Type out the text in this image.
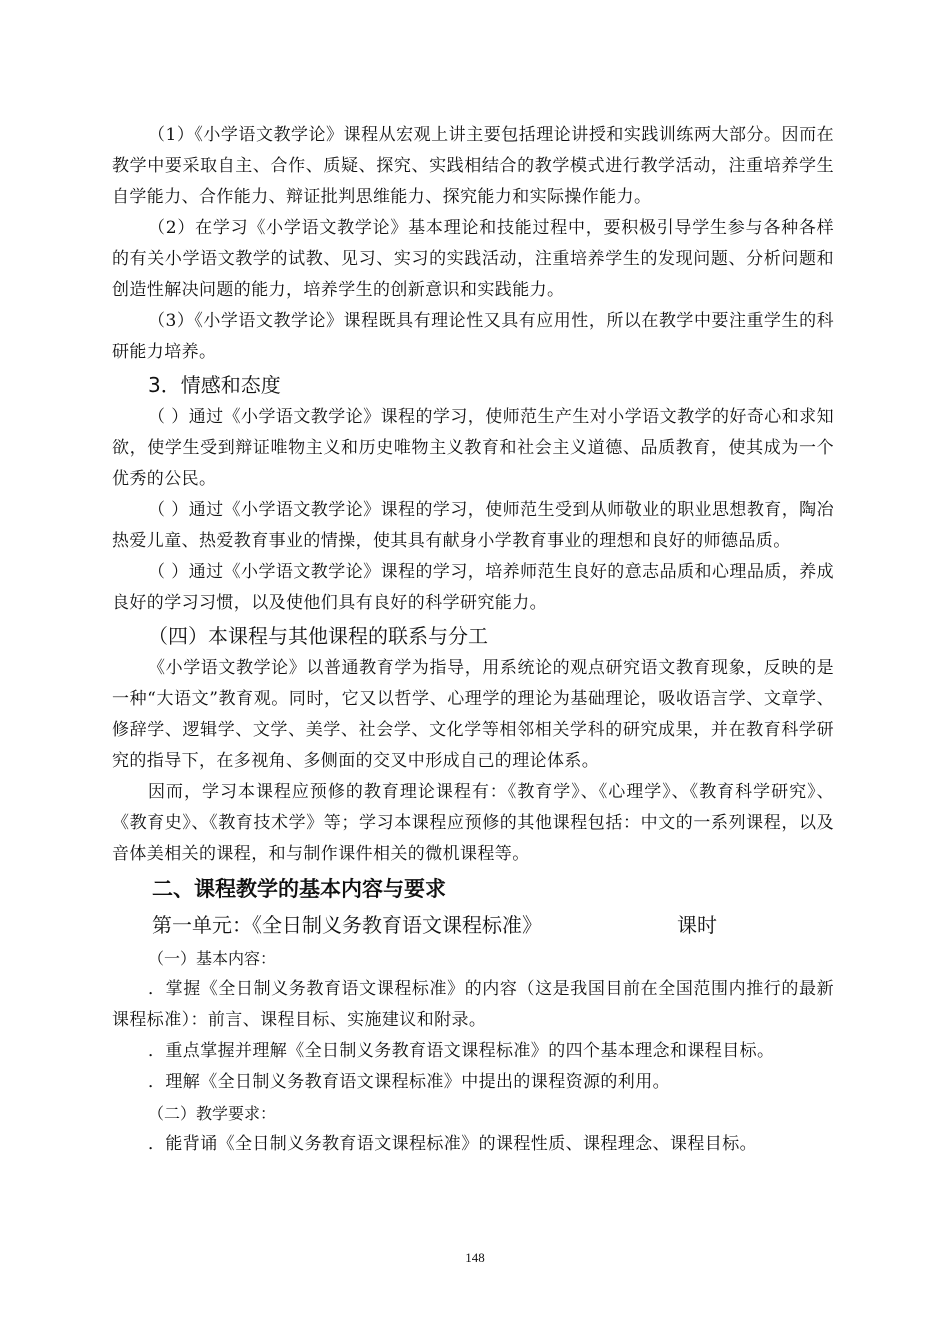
（1）《小学语文教学论》课程从宏观上讲主要包括理论讲授和实践训练两大部分。因而在教学中要采取自主、合作、质疑、探究、实践相结合的教学模式进行教学活动，注重培养学生自学能力、合作能力、辩证批判思维能力、探究能力和实际操作能力。

（2）在学习《小学语文教学论》基本理论和技能过程中，要积极引导学生参与各种各样的有关小学语文教学的试教、见习、实习的实践活动，注重培养学生的发现问题、分析问题和创造性解决问题的能力，培养学生的创新意识和实践能力。

（3）《小学语文教学论》课程既具有理论性又具有应用性，所以在教学中要注重学生的科研能力培养。

3．情感和态度

（ ）通过《小学语文教学论》课程的学习，使师范生产生对小学语文教学的好奇心和求知欲，使学生受到辩证唯物主义和历史唯物主义教育和社会主义道德、品质教育，使其成为一个优秀的公民。

（ ）通过《小学语文教学论》课程的学习，使师范生受到从师敬业的职业思想教育，陶冶热爱儿童、热爱教育事业的情操，使其具有献身小学教育事业的理想和良好的师德品质。

（ ）通过《小学语文教学论》课程的学习，培养师范生良好的意志品质和心理品质，养成良好的学习习惯，以及使他们具有良好的科学研究能力。

（四）本课程与其他课程的联系与分工

《小学语文教学论》以普通教育学为指导，用系统论的观点研究语文教育现象，反映的是一种“大语文”教育观。同时，它又以哲学、心理学的理论为基础理论，吸收语言学、文章学、修辞学、逻辑学、文学、美学、社会学、文化学等相邻相关学科的研究成果，并在教育科学研究的指导下，在多视角、多侧面的交叉中形成自己的理论体系。

因而，学习本课程应预修的教育理论课程有：《教育学》、《心理学》、《教育科学研究》、《教育史》、《教育技术学》等；学习本课程应预修的其他课程包括：中文的一系列课程，以及音体美相关的课程，和与制作课件相关的微机课程等。

二、课程教学的基本内容与要求

第一单元：《全日制义务教育语文课程标准》	课时

（一）基本内容：

．掌握《全日制义务教育语文课程标准》的内容（这是我国目前在全国范围内推行的最新课程标准）：前言、课程目标、实施建议和附录。

．重点掌握并理解《全日制义务教育语文课程标准》的四个基本理念和课程目标。

．理解《全日制义务教育语文课程标准》中提出的课程资源的利用。

（二）教学要求：

．能背诵《全日制义务教育语文课程标准》的课程性质、课程理念、课程目标。

148
